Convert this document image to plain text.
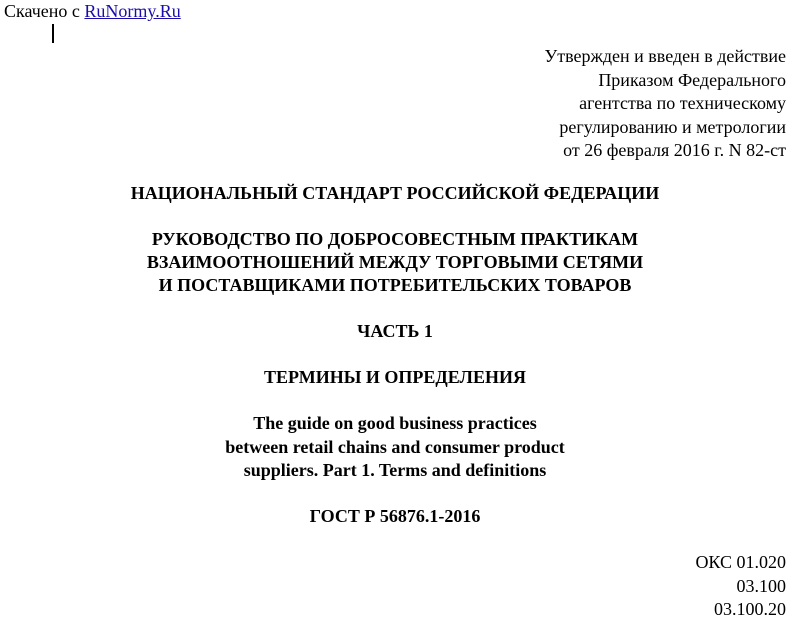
Скачено с RuNormy.Ru
Утвержден и введен в действие
Приказом Федерального
агентства по техническому
регулированию и метрологии
от 26 февраля 2016 г. N 82-ст
НАЦИОНАЛЬНЫЙ СТАНДАРТ РОССИЙСКОЙ ФЕДЕРАЦИИ
РУКОВОДСТВО ПО ДОБРОСОВЕСТНЫМ ПРАКТИКАМ
ВЗАИМООТНОШЕНИЙ МЕЖДУ ТОРГОВЫМИ СЕТЯМИ
И ПОСТАВЩИКАМИ ПОТРЕБИТЕЛЬСКИХ ТОВАРОВ
ЧАСТЬ 1
ТЕРМИНЫ И ОПРЕДЕЛЕНИЯ
The guide on good business practices
between retail chains and consumer product
suppliers. Part 1. Terms and definitions
ГОСТ Р 56876.1-2016
ОКС 01.020
03.100
03.100.20
